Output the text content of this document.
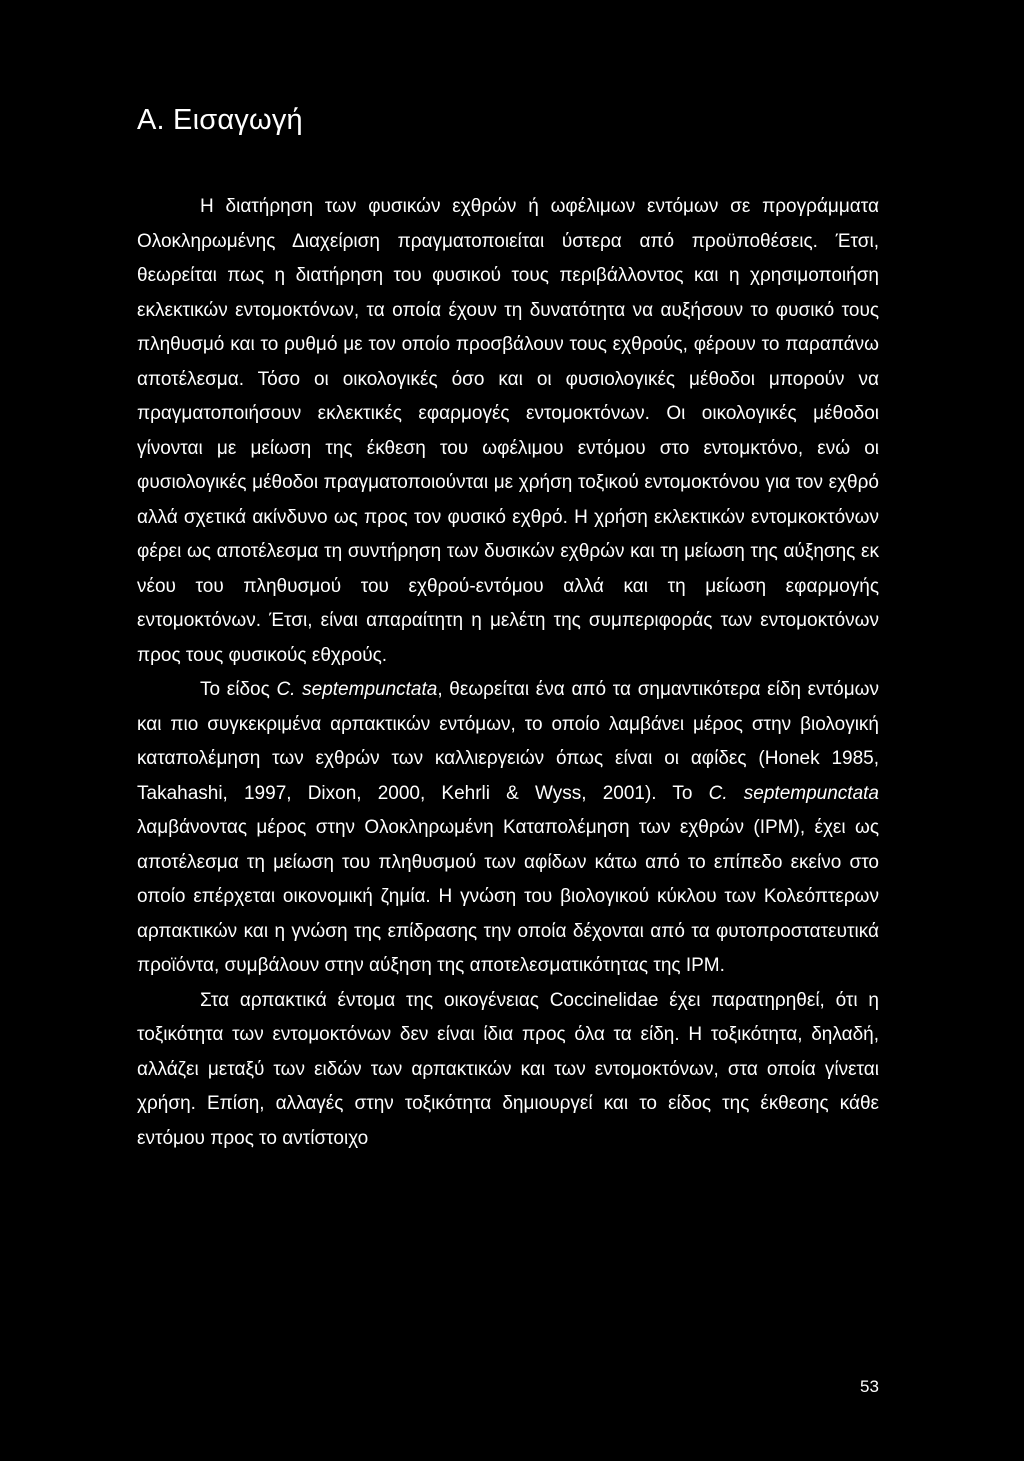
A. Εισαγωγή

Η διατήρηση των φυσικών εχθρών ή ωφέλιμων εντόμων σε προγράμματα Ολοκληρωμένης Διαχείριση πραγματοποιείται ύστερα από προϋποθέσεις. Έτσι, θεωρείται πως η διατήρηση του φυσικού τους περιβάλλοντος και η χρησιμοποιήση εκλεκτικών εντομοκτόνων, τα οποία έχουν τη δυνατότητα να αυξήσουν το φυσικό τους πληθυσμό και το ρυθμό με τον οποίο προσβάλουν τους εχθρούς, φέρουν το παραπάνω αποτέλεσμα. Τόσο οι οικολογικές όσο και οι φυσιολογικές μέθοδοι μπορούν να πραγματοποιήσουν εκλεκτικές εφαρμογές εντομοκτόνων. Οι οικολογικές μέθοδοι γίνονται με μείωση της έκθεση του ωφέλιμου εντόμου στο εντομκτόνο, ενώ οι φυσιολογικές μέθοδοι πραγματοποιούνται με χρήση τοξικού εντομοκτόνου για τον εχθρό αλλά σχετικά ακίνδυνο ως προς τον φυσικό εχθρό. Η χρήση εκλεκτικών εντομκοκτόνων φέρει ως αποτέλεσμα τη συντήρηση των δυσικών εχθρών και τη μείωση της αύξησης εκ νέου του πληθυσμού του εχθρού-εντόμου αλλά και τη μείωση εφαρμογής εντομοκτόνων. Έτσι, είναι απαραίτητη η μελέτη της συμπεριφοράς των εντομοκτόνων προς τους φυσικούς εθχρούς.

Το είδος C. septempunctata, θεωρείται ένα από τα σημαντικότερα είδη εντόμων και πιο συγκεκριμένα αρπακτικών εντόμων, το οποίο λαμβάνει μέρος στην βιολογική καταπολέμηση των εχθρών των καλλιεργειών όπως είναι οι αφίδες (Honek 1985, Takahashi, 1997, Dixon, 2000, Kehrli & Wyss, 2001). Το C. septempunctata λαμβάνοντας μέρος στην Ολοκληρωμένη Καταπολέμηση των εχθρών (IPM), έχει ως αποτέλεσμα τη μείωση του πληθυσμού των αφίδων κάτω από το επίπεδο εκείνο στο οποίο επέρχεται οικονομική ζημία. Η γνώση του βιολογικού κύκλου των Κολεόπτερων αρπακτικών και η γνώση της επίδρασης την οποία δέχονται από τα φυτοπροστατευτικά προϊόντα, συμβάλουν στην αύξηση της αποτελεσματικότητας της IPM.

Στα αρπακτικά έντομα της οικογένειας Coccinelidae έχει παρατηρηθεί, ότι η τοξικότητα των εντομοκτόνων δεν είναι ίδια προς όλα τα είδη. Η τοξικότητα, δηλαδή, αλλάζει μεταξύ των ειδών των αρπακτικών και των εντομοκτόνων, στα οποία γίνεται χρήση. Επίση, αλλαγές στην τοξικότητα δημιουργεί και το είδος της έκθεσης κάθε εντόμου προς το αντίστοιχο

53
